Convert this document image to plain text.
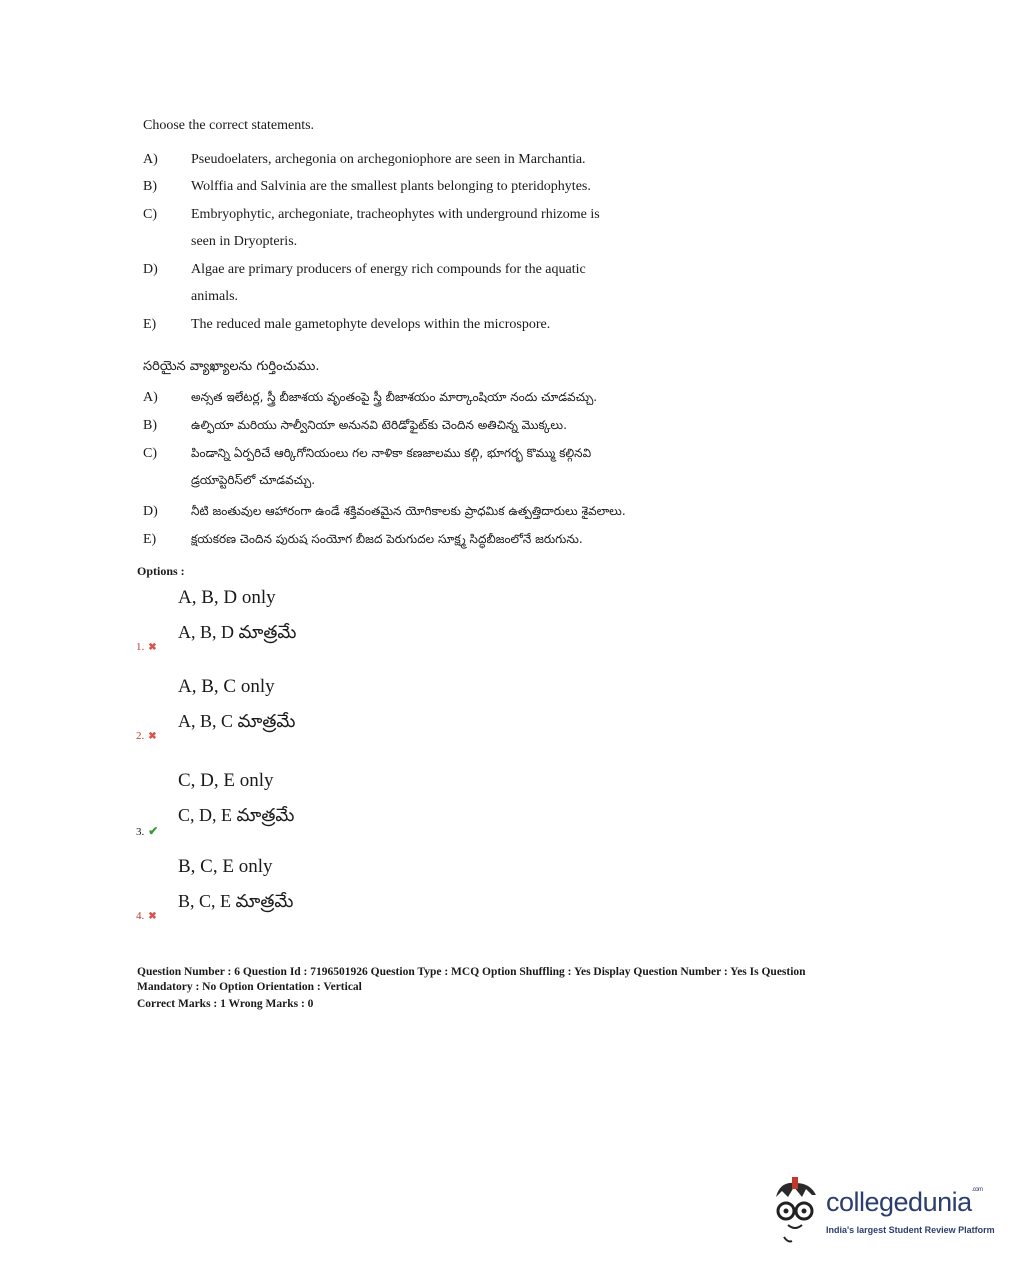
Choose the correct statements.
A)	Pseudoelaters, archegonia on archegoniophore are seen in Marchantia.
B)	Wolffia and Salvinia are the smallest plants belonging to pteridophytes.
C)	Embryophytic, archegoniate, tracheophytes with underground rhizome is
seen in Dryopteris.
D)	Algae are primary producers of energy rich compounds for the aquatic
animals.
E)	The reduced male gametophyte develops within the microspore.
సరియైన వ్యాఖ్యాలను గుర్తించుము.
A)	అన్సత ఇలేటర్ల, స్త్రీ బీజాశయ వృంతంపై స్త్రీ బీజాశయం మార్కాంషియా నందు చూడవచ్చు.
B)	ఉల్ఫియా మరియు సాల్వీనియా అనునవి టెరిడోఫైట్‌కు చెందిన అతిచిన్న మొక్కలు.
C)	పిండాన్ని ఏర్పరిచే ఆర్కిగోనియంలు గల నాళికా కణజాలము కల్గి, భూగర్భ కొమ్ము కల్గినవి
డ్రయాప్టెరిస్‌లో చూడవచ్చు.
D)	నీటి జంతువుల ఆహారంగా ఉండే శక్తివంతమైన యోగికాలకు ప్రాధమిక ఉత్పత్తిదారులు శైవలాలు.
E)	క్షయకరణ చెందిన పురుష సంయోగ బీజద పెరుగుదల సూక్ష్మ సిద్ధబీజంలోనే జరుగును.
Options :
A, B, D only
A, B, D మాత్రమే
1. ✖
A, B, C only
A, B, C మాత్రమే
2. ✖
C, D, E only
C, D, E మాత్రమే
3. ✔
B, C, E only
B, C, E మాత్రమే
4. ✖
Question Number : 6 Question Id : 7196501926 Question Type : MCQ Option Shuffling : Yes Display Question Number : Yes Is Question
Mandatory : No Option Orientation : Vertical
Correct Marks : 1 Wrong Marks : 0
collegedunia$^{.com}$
India's largest Student Review Platform
